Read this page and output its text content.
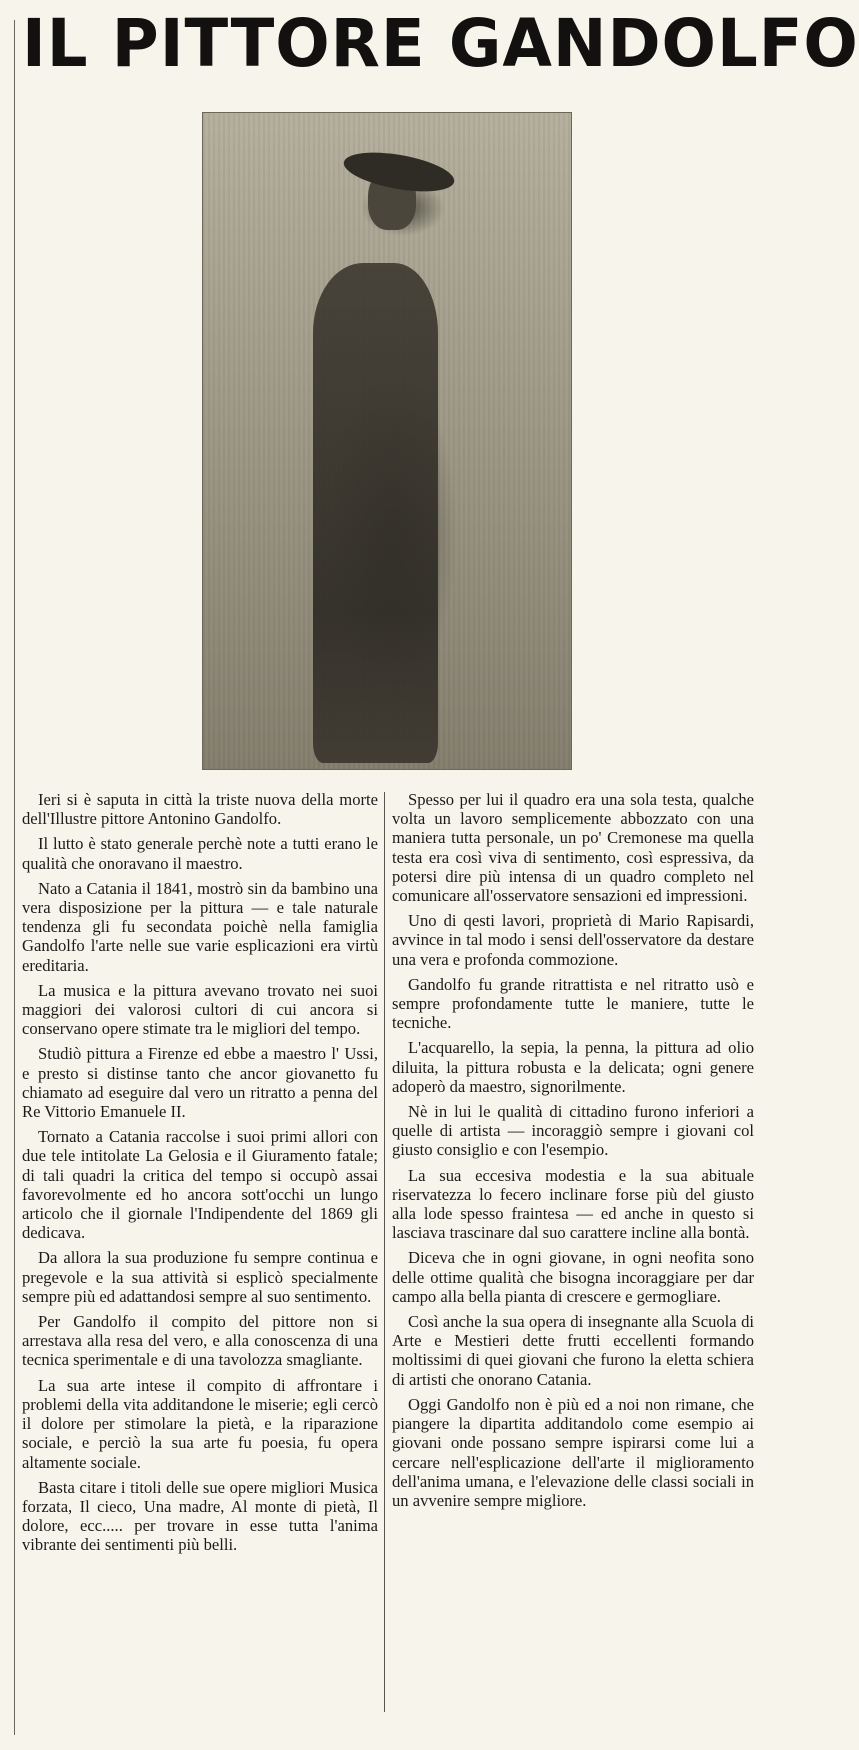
IL PITTORE GANDOLFO

Ieri si è saputa in città la triste nuova della morte dell'Illustre pittore Antonino Gandolfo.

Il lutto è stato generale perchè note a tutti erano le qualità che onoravano il maestro.

Nato a Catania il 1841, mostrò sin da bambino una vera disposizione per la pittura — e tale naturale tendenza gli fu secondata poichè nella famiglia Gandolfo l'arte nelle sue varie esplicazioni era virtù ereditaria.

La musica e la pittura avevano trovato nei suoi maggiori dei valorosi cultori di cui ancora si conservano opere stimate tra le migliori del tempo.

Studiò pittura a Firenze ed ebbe a maestro l' Ussi, e presto si distinse tanto che ancor giovanetto fu chiamato ad eseguire dal vero un ritratto a penna del Re Vittorio Emanuele II.

Tornato a Catania raccolse i suoi primi allori con due tele intitolate La Gelosia e il Giuramento fatale; di tali quadri la critica del tempo si occupò assai favorevolmente ed ho ancora sott'occhi un lungo articolo che il giornale l'Indipendente del 1869 gli dedicava.

Da allora la sua produzione fu sempre continua e pregevole e la sua attività si esplicò specialmente sempre più ed adattandosi sempre al suo sentimento.

Per Gandolfo il compito del pittore non si arrestava alla resa del vero, e alla conoscenza di una tecnica sperimentale e di una tavolozza smagliante.

La sua arte intese il compito di affrontare i problemi della vita additandone le miserie; egli cercò il dolore per stimolare la pietà, e la riparazione sociale, e perciò la sua arte fu poesia, fu opera altamente sociale.

Basta citare i titoli delle sue opere migliori Musica forzata, Il cieco, Una madre, Al monte di pietà, Il dolore, ecc..... per trovare in esse tutta l'anima vibrante dei sentimenti più belli.

Spesso per lui il quadro era una sola testa, qualche volta un lavoro semplicemente abbozzato con una maniera tutta personale, un po' Cremonese ma quella testa era così viva di sentimento, così espressiva, da potersi dire più intensa di un quadro completo nel comunicare all'osservatore sensazioni ed impressioni.

Uno di qesti lavori, proprietà di Mario Rapisardi, avvince in tal modo i sensi dell'osservatore da destare una vera e profonda commozione.

Gandolfo fu grande ritrattista e nel ritratto usò e sempre profondamente tutte le maniere, tutte le tecniche.

L'acquarello, la sepia, la penna, la pittura ad olio diluita, la pittura robusta e la delicata; ogni genere adoperò da maestro, signorilmente.

Nè in lui le qualità di cittadino furono inferiori a quelle di artista — incoraggiò sempre i giovani col giusto consiglio e con l'esempio.

La sua eccesiva modestia e la sua abituale riservatezza lo fecero inclinare forse più del giusto alla lode spesso fraintesa — ed anche in questo si lasciava trascinare dal suo carattere incline alla bontà.

Diceva che in ogni giovane, in ogni neofita sono delle ottime qualità che bisogna incoraggiare per dar campo alla bella pianta di crescere e germogliare.

Così anche la sua opera di insegnante alla Scuola di Arte e Mestieri dette frutti eccellenti formando moltissimi di quei giovani che furono la eletta schiera di artisti che onorano Catania.

Oggi Gandolfo non è più ed a noi non rimane, che piangere la dipartita additandolo come esempio ai giovani onde possano sempre ispirarsi come lui a cercare nell'esplicazione dell'arte il miglioramento dell'anima umana, e l'elevazione delle classi sociali in un avvenire sempre migliore.
